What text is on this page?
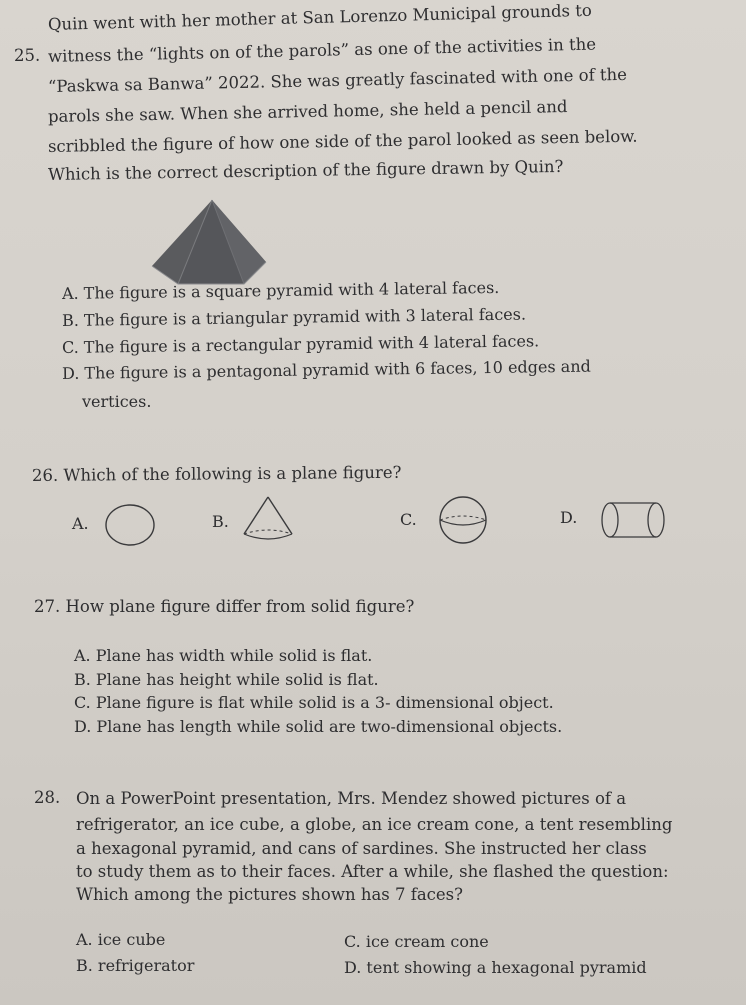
25.
Quin went with her mother at San Lorenzo Municipal grounds to
witness the “lights on of the parols” as one of the activities in the
“Paskwa sa Banwa” 2022. She was greatly fascinated with one of the
parols she saw. When she arrived home, she held a pencil and
scribbled the figure of how one side of the parol looked as seen below.
Which is the correct description of the figure drawn by Quin?
A. The figure is a square pyramid with 4 lateral faces.
B. The figure is a triangular pyramid with 3 lateral faces.
C. The figure is a rectangular pyramid with 4 lateral faces.
D. The figure is a pentagonal pyramid with 6 faces, 10 edges and
vertices.
26. Which of the following is a plane figure?
A.	B.	C.	D.
27. How plane figure differ from solid figure?
A. Plane has width while solid is flat.
B. Plane has height while solid is flat.
C. Plane figure is flat while solid is a 3- dimensional object.
D. Plane has length while solid are two-dimensional objects.
28. On a PowerPoint presentation, Mrs. Mendez showed pictures of a
refrigerator, an ice cube, a globe, an ice cream cone, a tent resembling
a hexagonal pyramid, and cans of sardines. She instructed her class
to study them as to their faces. After a while, she flashed the question:
Which among the pictures shown has 7 faces?
A. ice cube	C. ice cream cone
B. refrigerator	D. tent showing a hexagonal pyramid
